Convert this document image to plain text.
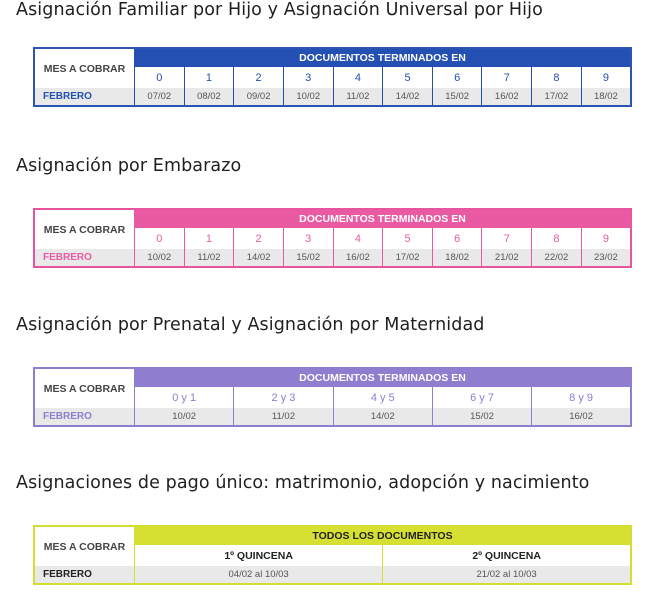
Asignación Familiar por Hijo y Asignación Universal por Hijo
MES A COBRAR	DOCUMENTOS TERMINADOS EN									
	0	1	2	3	4	5	6	7	8	9
FEBRERO	07/02	08/02	09/02	10/02	11/02	14/02	15/02	16/02	17/02	18/02
Asignación por Embarazo
MES A COBRAR	DOCUMENTOS TERMINADOS EN									
	0	1	2	3	4	5	6	7	8	9
FEBRERO	10/02	11/02	14/02	15/02	16/02	17/02	18/02	21/02	22/02	23/02
Asignación por Prenatal y Asignación por Maternidad
MES A COBRAR	DOCUMENTOS TERMINADOS EN				
	0 y 1	2 y 3	4 y 5	6 y 7	8 y 9
FEBRERO	10/02	11/02	14/02	15/02	16/02
Asignaciones de pago único: matrimonio, adopción y nacimiento
MES A COBRAR	TODOS LOS DOCUMENTOS	
	1º QUINCENA	2º QUINCENA
FEBRERO	04/02 al 10/03	21/02 al 10/03
